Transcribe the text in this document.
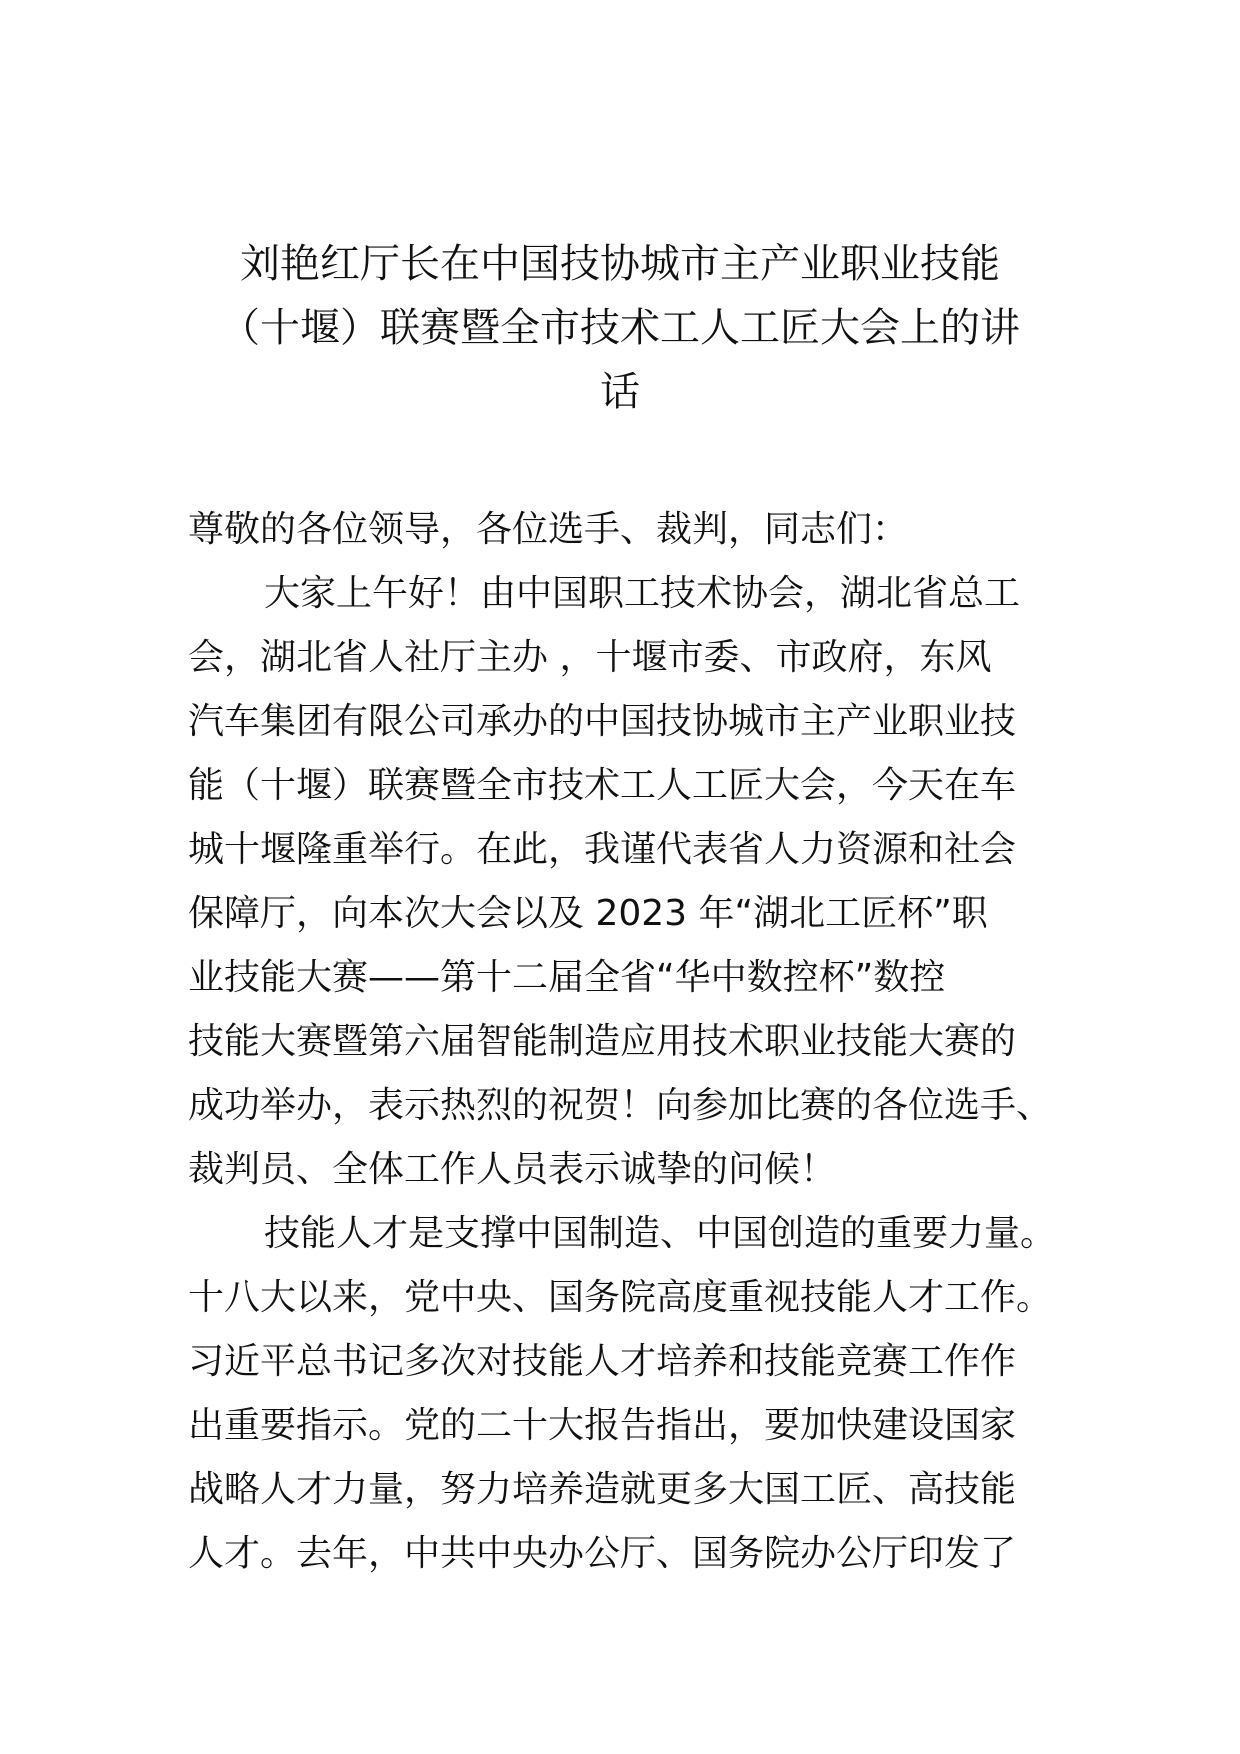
刘艳红厅长在中国技协城市主产业职业技能
（十堰）联赛暨全市技术工人工匠大会上的讲
话
尊敬的各位领导，各位选手、裁判，同志们：
大家上午好！由中国职工技术协会，湖北省总工
会，湖北省人社厅主办 ，十堰市委、市政府，东风
汽车集团有限公司承办的中国技协城市主产业职业技
能（十堰）联赛暨全市技术工人工匠大会，今天在车
城十堰隆重举行。在此，我谨代表省人力资源和社会
保障厅，向本次大会以及 2023 年“湖北工匠杯”职
业技能大赛——第十二届全省“华中数控杯”数控
技能大赛暨第六届智能制造应用技术职业技能大赛的
成功举办，表示热烈的祝贺！向参加比赛的各位选手、
裁判员、全体工作人员表示诚挚的问候！
技能人才是支撑中国制造、中国创造的重要力量。
十八大以来，党中央、国务院高度重视技能人才工作。
习近平总书记多次对技能人才培养和技能竞赛工作作
出重要指示。党的二十大报告指出，要加快建设国家
战略人才力量，努力培养造就更多大国工匠、高技能
人才。去年，中共中央办公厅、国务院办公厅印发了
